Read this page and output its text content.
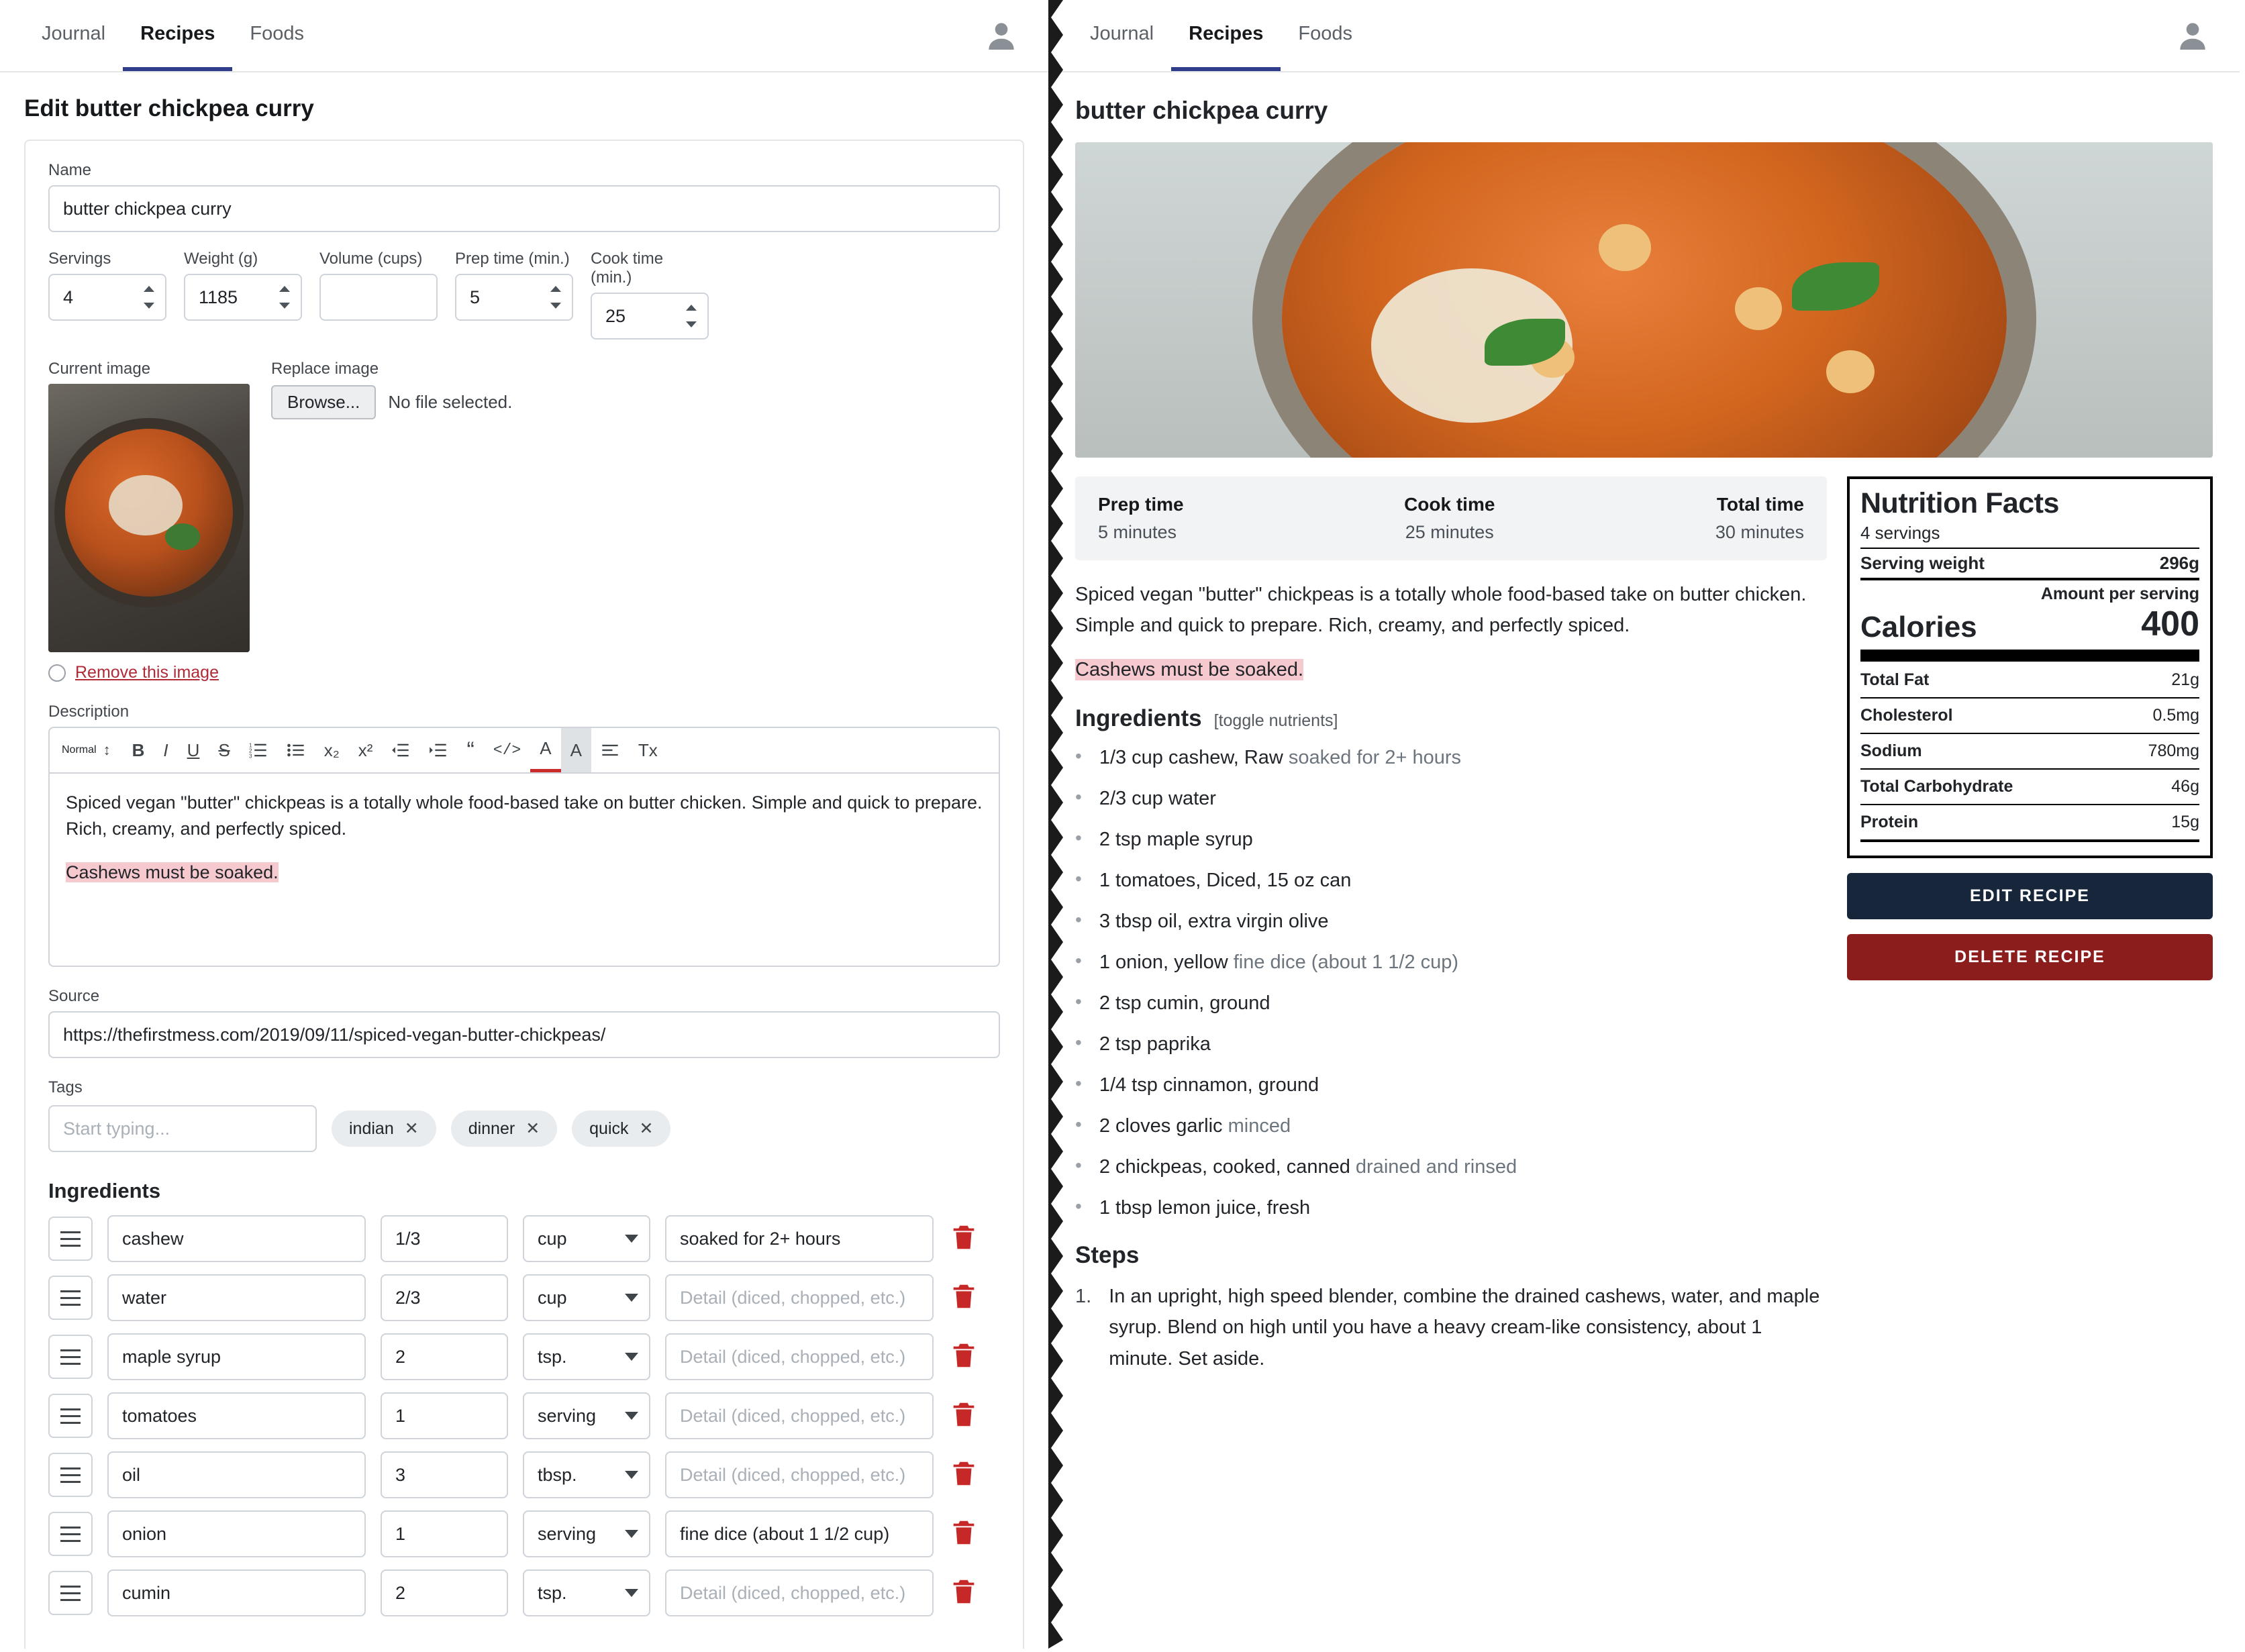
Journal	Recipes	Foods
Edit butter chickpea curry
Name
butter chickpea curry
Servings
4
Weight (g)
1185
Volume (cups)	Prep time (min.)
5
Cook time (min.)
25
Current image
Remove this image
Replace image
Browse...	No file selected.
Description
Normal ↕	B	I	U	S	1
2
3	x₂	x²	“	</>	A	A	Tx
Spiced vegan "butter" chickpeas is a totally whole food-based take on butter chicken. Simple and quick to prepare. Rich, creamy, and perfectly spiced.
Cashews must be soaked.
Source
https://thefirstmess.com/2019/09/11/spiced-vegan-butter-chickpeas/
Tags
Start typing...	indian ✕	dinner ✕	quick ✕
Ingredients
cashew	1/3	cup	soaked for 2+ hours
water	2/3	cup	Detail (diced, chopped, etc.)
maple syrup	2	tsp.	Detail (diced, chopped, etc.)
tomatoes	1	serving	Detail (diced, chopped, etc.)
oil	3	tbsp.	Detail (diced, chopped, etc.)
onion	1	serving	fine dice (about 1 1/2 cup)
cumin	2	tsp.	Detail (diced, chopped, etc.)
Journal	Recipes	Foods
butter chickpea curry
Prep time
5 minutes
Cook time
25 minutes
Total time
30 minutes
Spiced vegan "butter" chickpeas is a totally whole food-based take on butter chicken. Simple and quick to prepare. Rich, creamy, and perfectly spiced.
Cashews must be soaked.
Ingredients [toggle nutrients]
• 1/3 cup cashew, Raw soaked for 2+ hours
• 2/3 cup water
• 2 tsp maple syrup
• 1 tomatoes, Diced, 15 oz can
• 3 tbsp oil, extra virgin olive
• 1 onion, yellow fine dice (about 1 1/2 cup)
• 2 tsp cumin, ground
• 2 tsp paprika
• 1/4 tsp cinnamon, ground
• 2 cloves garlic minced
• 2 chickpeas, cooked, canned drained and rinsed
• 1 tbsp lemon juice, fresh
Steps
1. In an upright, high speed blender, combine the drained cashews, water, and maple syrup. Blend on high until you have a heavy cream-like consistency, about 1 minute. Set aside.
Nutrition Facts
4 servings
Serving weight	296g
Amount per serving
Calories	400
Total Fat	21g
Cholesterol	0.5mg
Sodium	780mg
Total Carbohydrate	46g
Protein	15g
EDIT RECIPE
DELETE RECIPE
